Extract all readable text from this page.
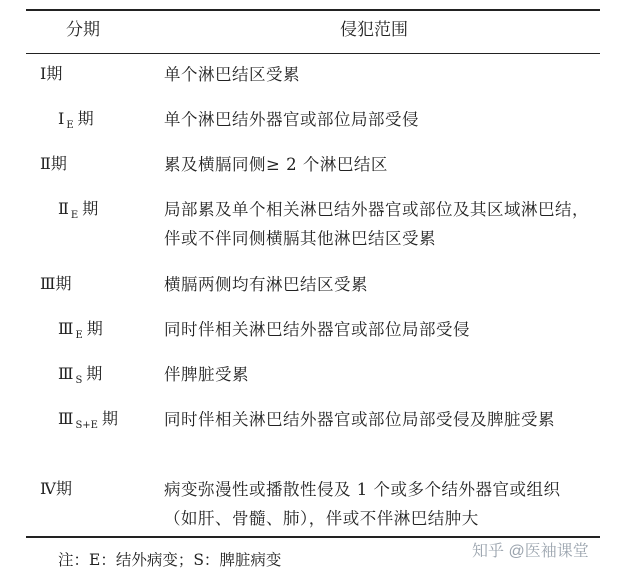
分期	侵犯范围
Ⅰ期	单个淋巴结区受累
Ⅰ $_E$ 期	单个淋巴结外器官或部位局部受侵
Ⅱ期	累及横膈同侧≥ 2 个淋巴结区
Ⅱ $_E$ 期	局部累及单个相关淋巴结外器官或部位及其区域淋巴结，伴或不伴同侧横膈其他淋巴结区受累
Ⅲ期	横膈两侧均有淋巴结区受累
Ⅲ $_E$ 期	同时伴相关淋巴结外器官或部位局部受侵
Ⅲ $_S$ 期	伴脾脏受累
Ⅲ $_{S+E}$ 期	同时伴相关淋巴结外器官或部位局部受侵及脾脏受累
Ⅳ期	病变弥漫性或播散性侵及 1 个或多个结外器官或组织（如肝、骨髓、肺），伴或不伴淋巴结肿大
注：E：结外病变；S：脾脏病变	知乎 @医袖课堂
